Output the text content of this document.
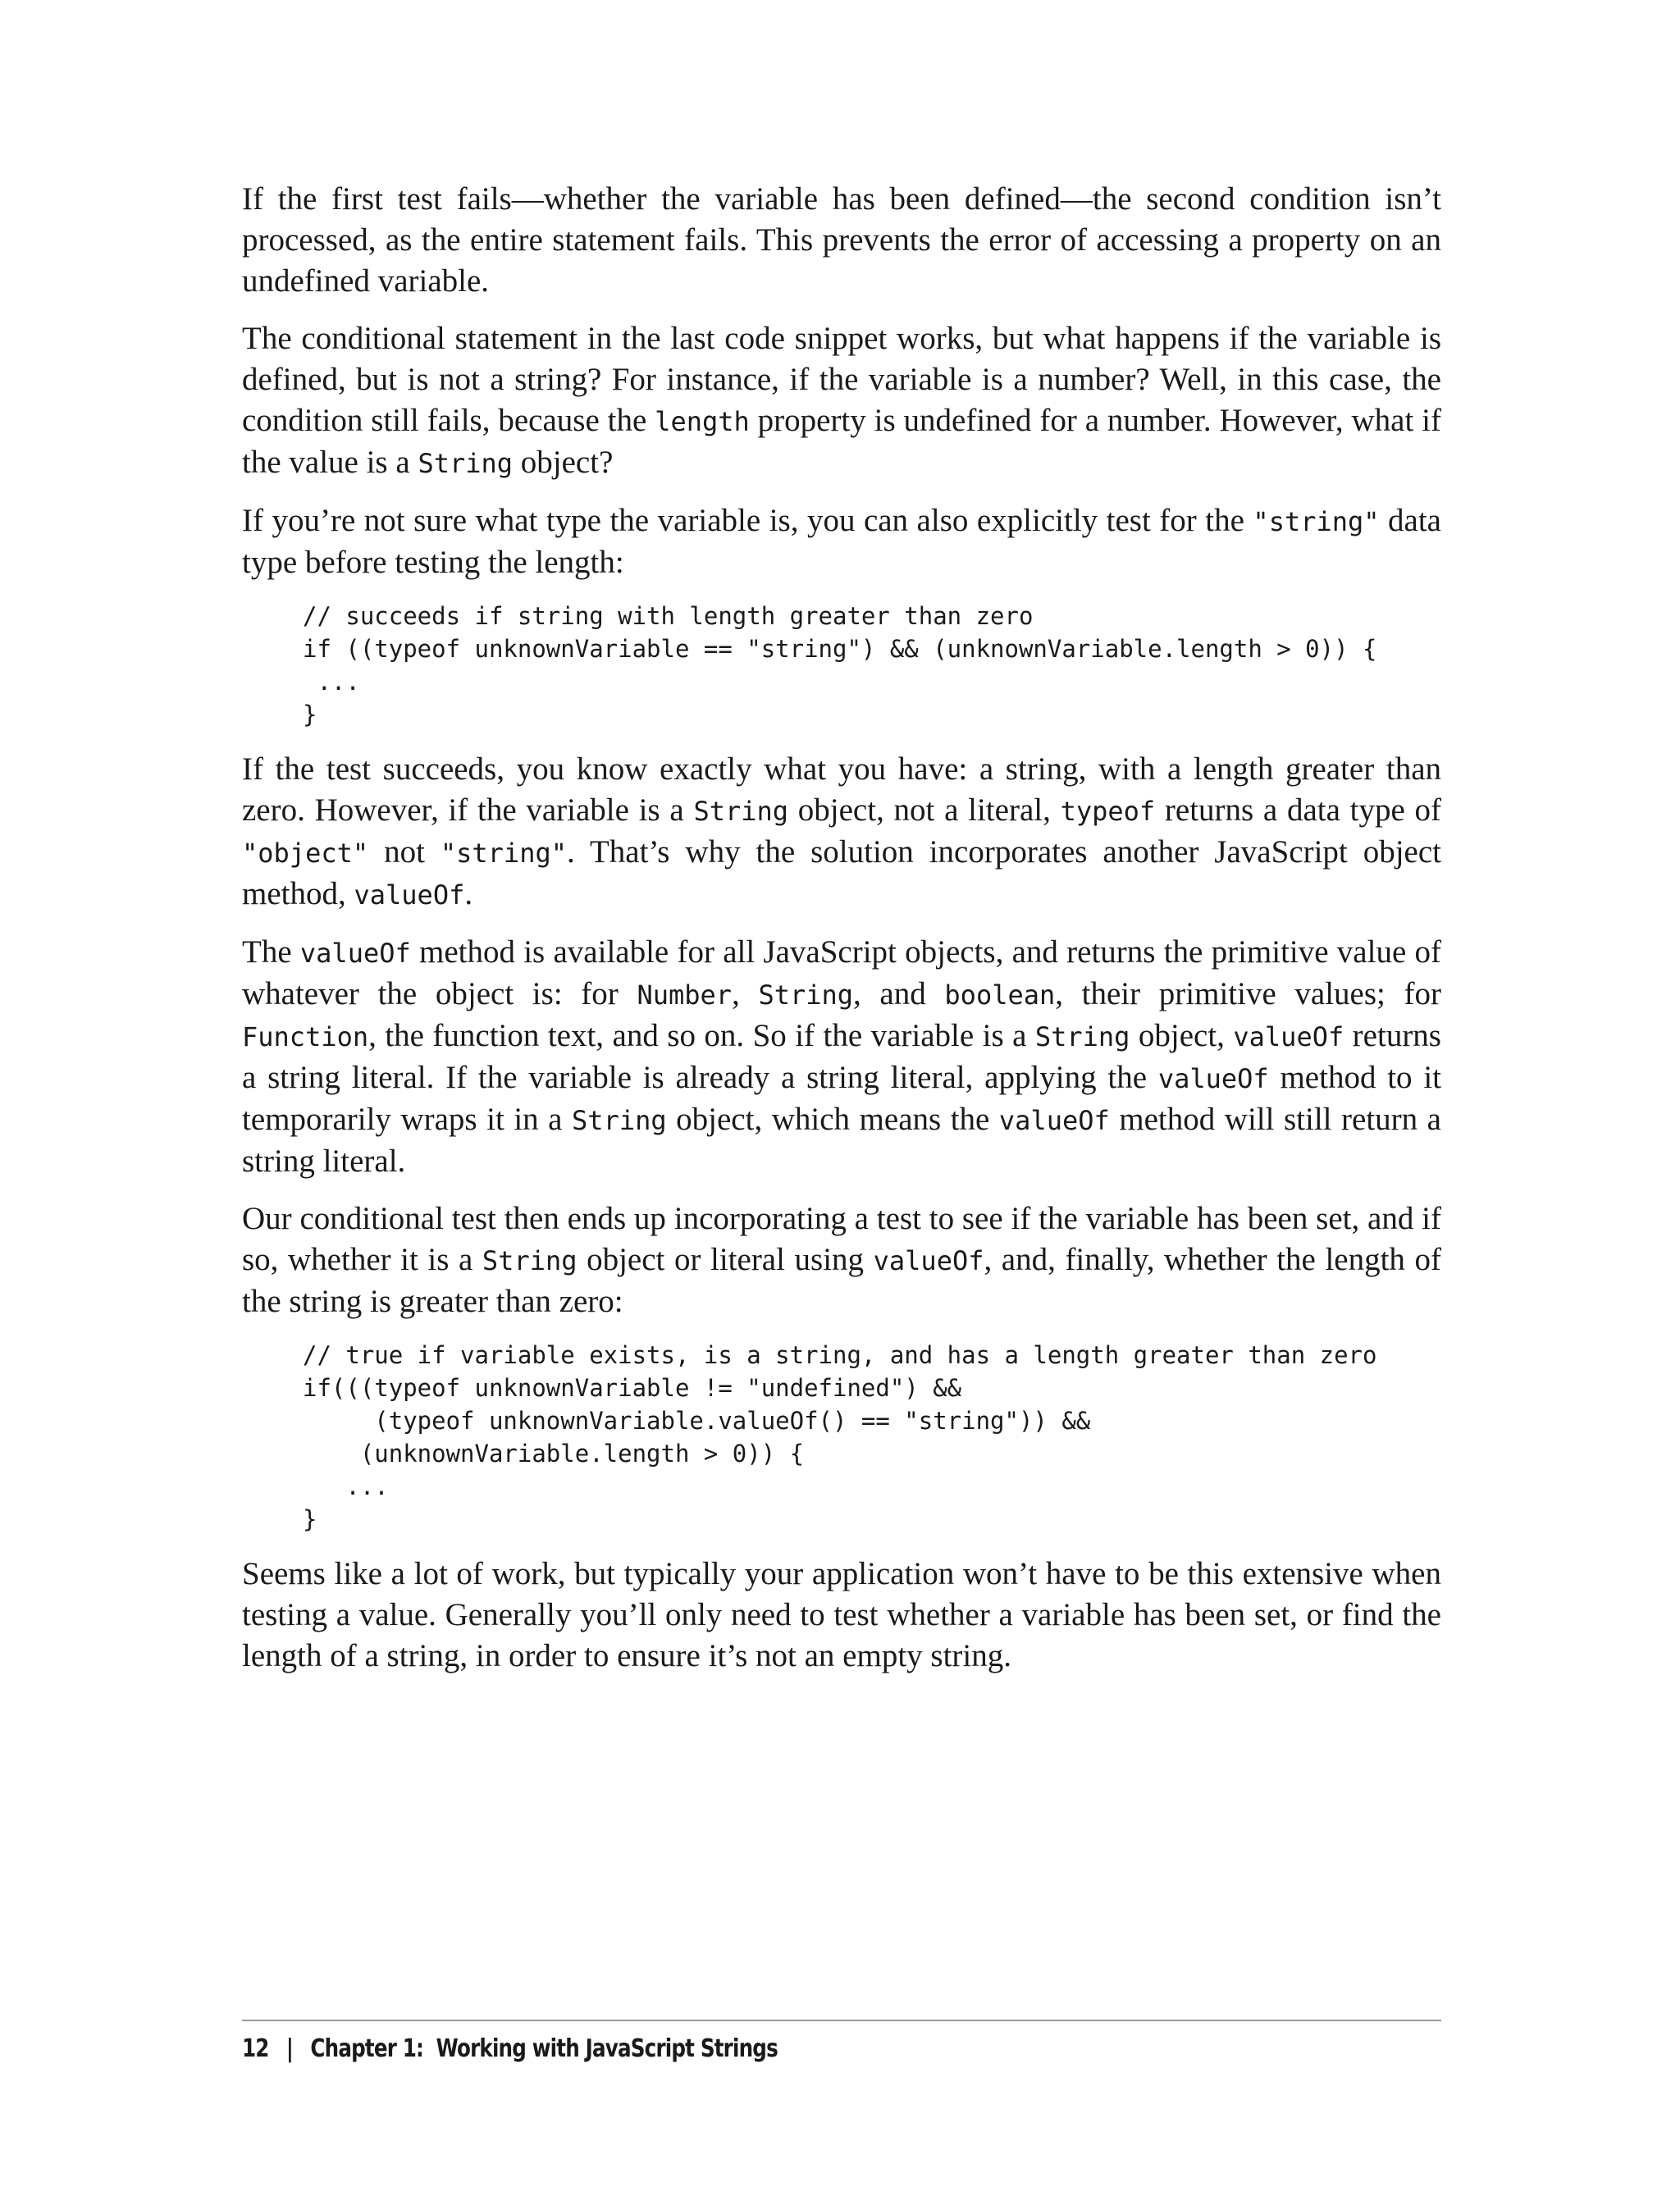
If the first test fails—whether the variable has been defined—the second condition isn’t processed, as the entire statement fails. This prevents the error of accessing a property on an undefined variable.

The conditional statement in the last code snippet works, but what happens if the variable is defined, but is not a string? For instance, if the variable is a number? Well, in this case, the condition still fails, because the length property is undefined for a number. However, what if the value is a String object?

If you’re not sure what type the variable is, you can also explicitly test for the "string" data type before testing the length:

// succeeds if string with length greater than zero
if ((typeof unknownVariable == "string") && (unknownVariable.length > 0)) {
...
}

If the test succeeds, you know exactly what you have: a string, with a length greater than zero. However, if the variable is a String object, not a literal, typeof returns a data type of "object" not "string". That’s why the solution incorporates another JavaScript object method, valueOf.

The valueOf method is available for all JavaScript objects, and returns the primitive value of whatever the object is: for Number, String, and boolean, their primitive values; for Function, the function text, and so on. So if the variable is a String object, valueOf returns a string literal. If the variable is already a string literal, applying the valueOf method to it temporarily wraps it in a String object, which means the valueOf method will still return a string literal.

Our conditional test then ends up incorporating a test to see if the variable has been set, and if so, whether it is a String object or literal using valueOf, and, finally, whether the length of the string is greater than zero:

// true if variable exists, is a string, and has a length greater than zero
if(((typeof unknownVariable != "undefined") &&
(typeof unknownVariable.valueOf() == "string")) &&
(unknownVariable.length > 0)) {
...
}

Seems like a lot of work, but typically your application won’t have to be this extensive when testing a value. Generally you’ll only need to test whether a variable has been set, or find the length of a string, in order to ensure it’s not an empty string.

12 | Chapter 1:  Working with JavaScript Strings
